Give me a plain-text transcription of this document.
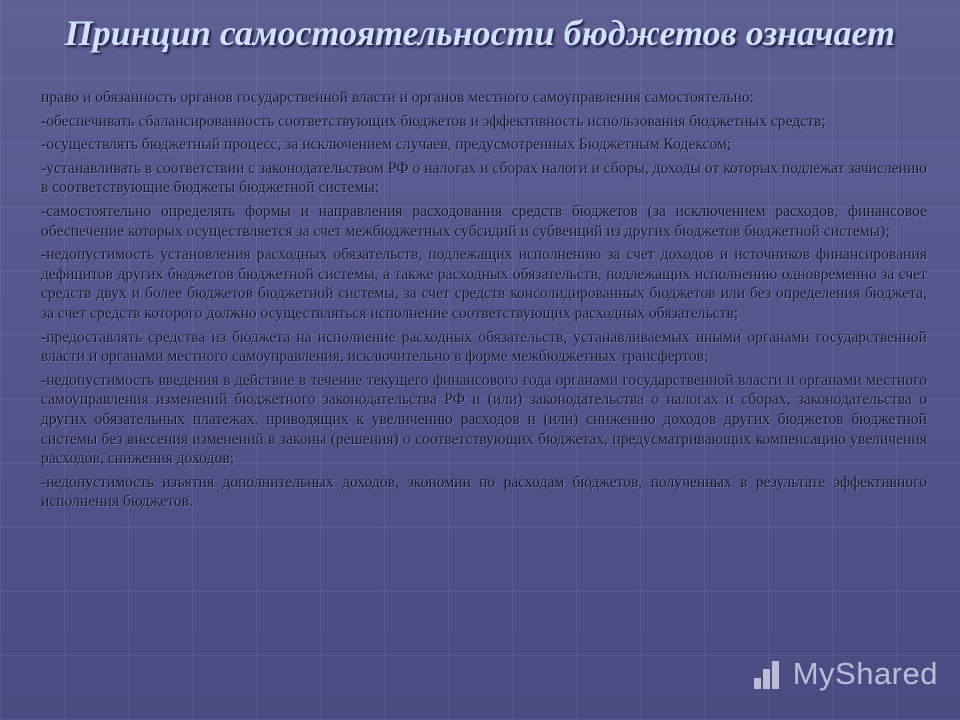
Принцип самостоятельности бюджетов означает

право и обязанность органов государственной власти и органов местного самоуправления самостоятельно:

-обеспечивать сбалансированность соответствующих бюджетов и эффективность использования бюджетных средств;

-осуществлять бюджетный процесс, за исключением случаев, предусмотренных Бюджетным Кодексом;

-устанавливать в соответствии с законодательством РФ о налогах и сборах налоги и сборы, доходы от которых подлежат зачислению в соответствующие бюджеты бюджетной системы;

-самостоятельно определять формы и направления расходования средств бюджетов (за исключением расходов, финансовое обеспечение которых осуществляется за счет межбюджетных субсидий и субвенций из других бюджетов бюджетной системы);

-недопустимость установления расходных обязательств, подлежащих исполнению за счет доходов и источников финансирования дефицитов других бюджетов бюджетной системы, а также расходных обязательств, подлежащих исполнению одновременно за счет средств двух и более бюджетов бюджетной системы, за счет средств консолидированных бюджетов или без определения бюджета, за счет средств которого должно осуществляться исполнение соответствующих расходных обязательств;

-предоставлять средства из бюджета на исполнение расходных обязательств, устанавливаемых иными органами государственной власти и органами местного самоуправления, исключительно в форме межбюджетных трансфертов;

-недопустимость введения в действие в течение текущего финансового года органами государственной власти и органами местного самоуправления изменений бюджетного законодательства РФ и (или) законодательства о налогах и сборах, законодательства о других обязательных платежах, приводящих к увеличению расходов и (или) снижению доходов других бюджетов бюджетной системы без внесения изменений в законы (решения) о соответствующих бюджетах, предусматривающих компенсацию увеличения расходов, снижения доходов;

-недопустимость изъятия дополнительных доходов, экономии по расходам бюджетов, полученных в результате эффективного исполнения бюджетов.

MyShared
